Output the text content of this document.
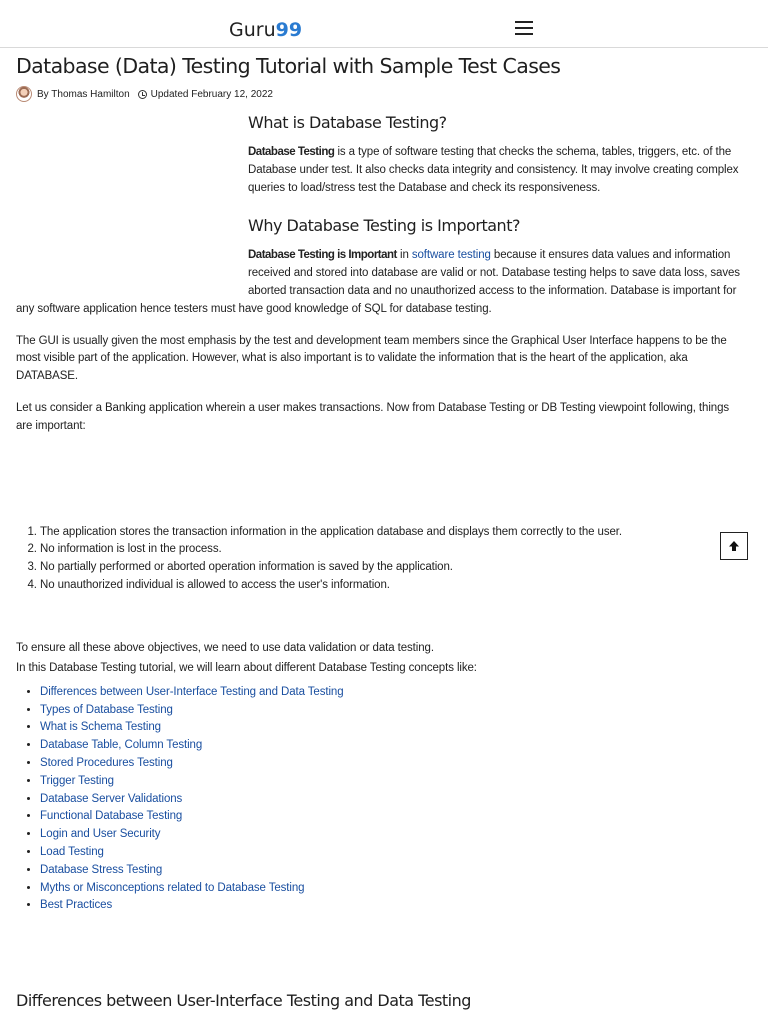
Guru99
Database (Data) Testing Tutorial with Sample Test Cases
By Thomas Hamilton Updated February 12, 2022
What is Database Testing?

Database Testing is a type of software testing that checks the schema, tables, triggers, etc. of the Database under test. It also checks data integrity and consistency. It may involve creating complex queries to load/stress test the Database and check its responsiveness.

Why Database Testing is Important?

Database Testing is Important in software testing because it ensures data values and information received and stored into database are valid or not. Database testing helps to save data loss, saves aborted transaction data and no unauthorized access to the information. Database is important for any software application hence testers must have good knowledge of SQL for database testing.

The GUI is usually given the most emphasis by the test and development team members since the Graphical User Interface happens to be the most visible part of the application. However, what is also important is to validate the information that is the heart of the application, aka DATABASE.

Let us consider a Banking application wherein a user makes transactions. Now from Database Testing or DB Testing viewpoint following, things are important:

1. The application stores the transaction information in the application database and displays them correctly to the user.
2. No information is lost in the process.
3. No partially performed or aborted operation information is saved by the application.
4. No unauthorized individual is allowed to access the user's information.
To ensure all these above objectives, we need to use data validation or data testing.
In this Database Testing tutorial, we will learn about different Database Testing concepts like:
• Differences between User-Interface Testing and Data Testing
• Types of Database Testing
• What is Schema Testing
• Database Table, Column Testing
• Stored Procedures Testing
• Trigger Testing
• Database Server Validations
• Functional Database Testing
• Login and User Security
• Load Testing
• Database Stress Testing
• Myths or Misconceptions related to Database Testing
• Best Practices
Differences between User-Interface Testing and Data Testing
